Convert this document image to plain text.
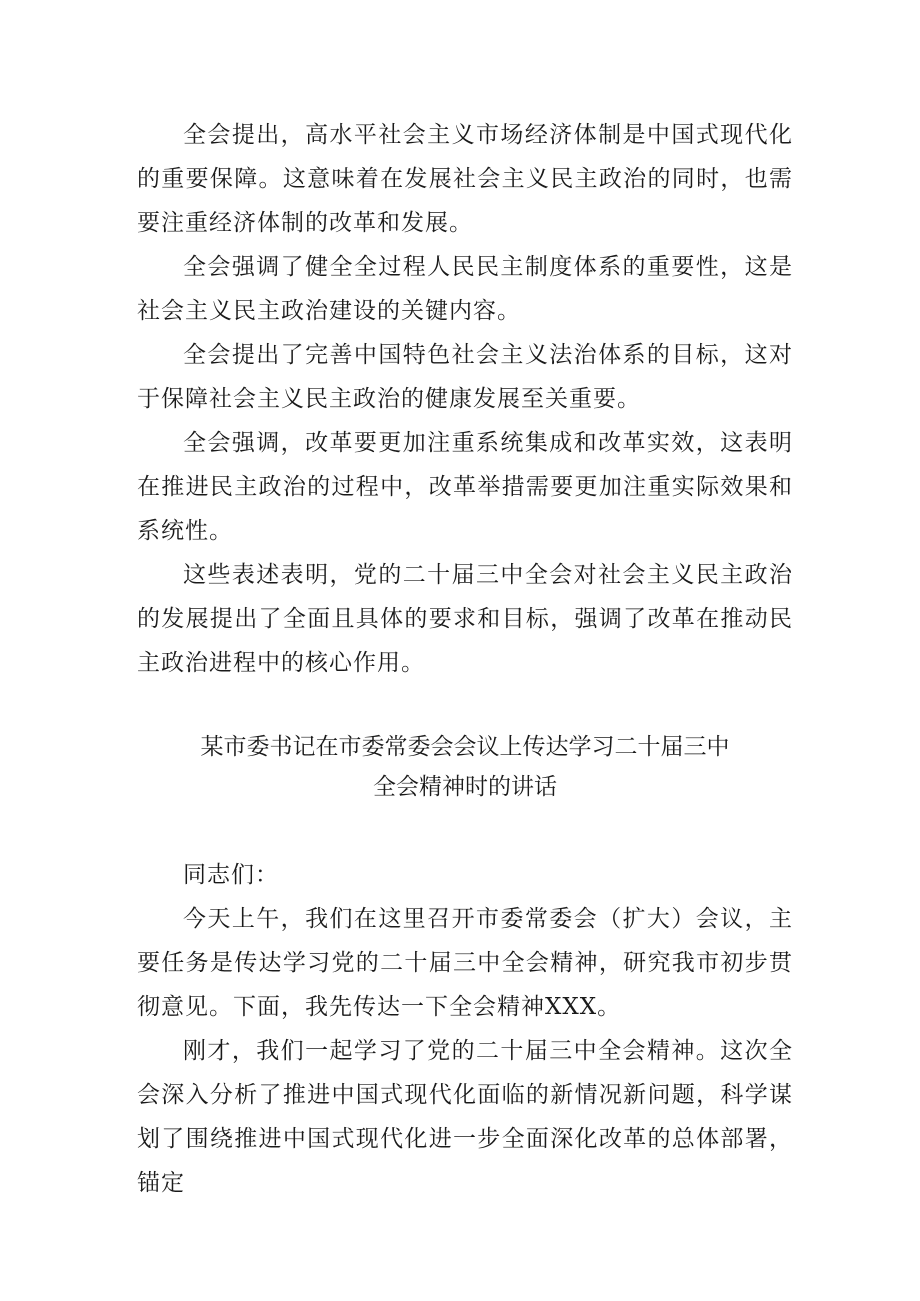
全会提出，高水平社会主义市场经济体制是中国式现代化的重要保障。这意味着在发展社会主义民主政治的同时，也需要注重经济体制的改革和发展。

全会强调了健全全过程人民民主制度体系的重要性，这是社会主义民主政治建设的关键内容。

全会提出了完善中国特色社会主义法治体系的目标，这对于保障社会主义民主政治的健康发展至关重要。

全会强调，改革要更加注重系统集成和改革实效，这表明在推进民主政治的过程中，改革举措需要更加注重实际效果和系统性。

这些表述表明，党的二十届三中全会对社会主义民主政治的发展提出了全面且具体的要求和目标，强调了改革在推动民主政治进程中的核心作用。

某市委书记在市委常委会会议上传达学习二十届三中
全会精神时的讲话

同志们：

今天上午，我们在这里召开市委常委会（扩大）会议，主要任务是传达学习党的二十届三中全会精神，研究我市初步贯彻意见。下面，我先传达一下全会精神XXX。

刚才，我们一起学习了党的二十届三中全会精神。这次全会深入分析了推进中国式现代化面临的新情况新问题，科学谋划了围绕推进中国式现代化进一步全面深化改革的总体部署，锚定
